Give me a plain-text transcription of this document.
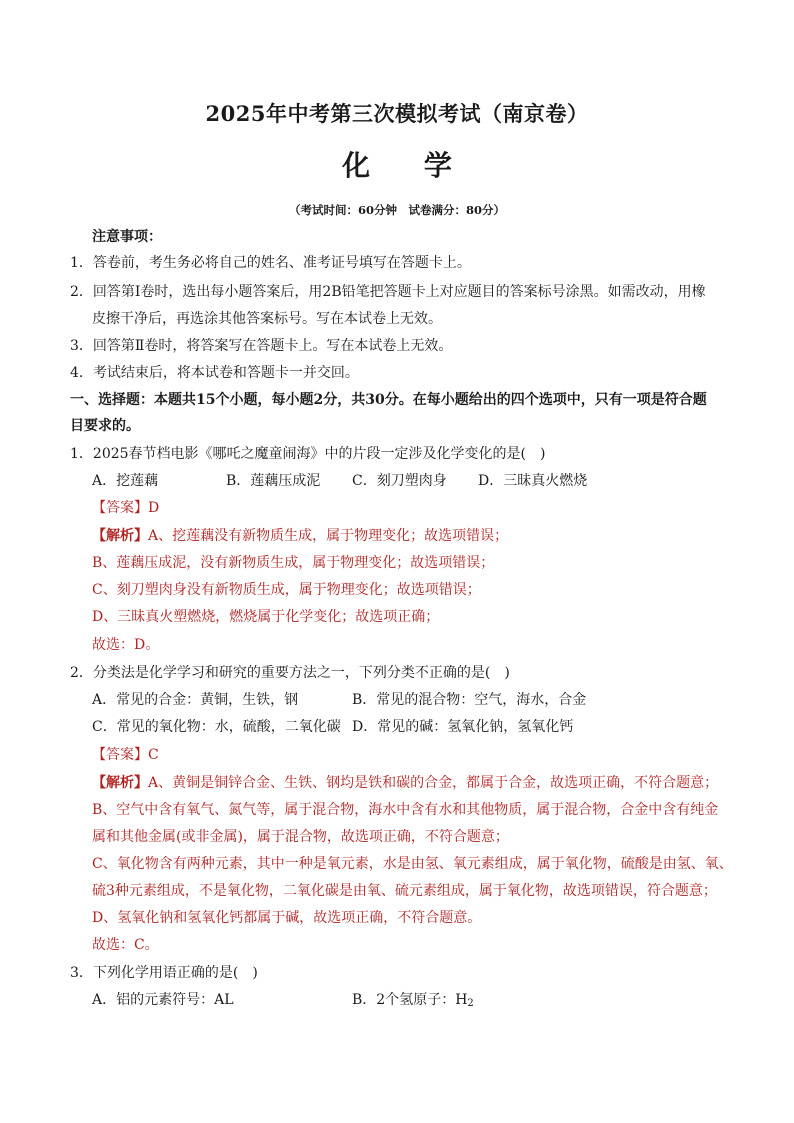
2025年中考第三次模拟考试（南京卷）
化 学
（考试时间：60分钟　试卷满分：80分）
注意事项：
1．答卷前，考生务必将自己的姓名、准考证号填写在答题卡上。
2．回答第Ⅰ卷时，选出每小题答案后，用2B铅笔把答题卡上对应题目的答案标号涂黑。如需改动，用橡
皮擦干净后，再选涂其他答案标号。写在本试卷上无效。
3．回答第Ⅱ卷时，将答案写在答题卡上。写在本试卷上无效。
4．考试结束后，将本试卷和答题卡一并交回。
一、选择题：本题共15个小题，每小题2分，共30分。在每小题给出的四个选项中，只有一项是符合题
目要求的。
1．2025春节档电影《哪吒之魔童闹海》中的片段一定涉及化学变化的是(　)
A．挖莲藕	B．莲藕压成泥 C．刻刀塑肉身 D．三昧真火燃烧
【答案】D
【解析】A、挖莲藕没有新物质生成，属于物理变化；故选项错误；
B、莲藕压成泥，没有新物质生成，属于物理变化；故选项错误；
C、刻刀塑肉身没有新物质生成，属于物理变化；故选项错误；
D、三昧真火塑燃烧，燃烧属于化学变化；故选项正确；
故选：D。
2．分类法是化学学习和研究的重要方法之一，下列分类不正确的是(　)
A．常见的合金：黄铜，生铁，钢	B．常见的混合物：空气，海水，合金
C．常见的氧化物：水，硫酸，二氧化碳 D．常见的碱：氢氧化钠，氢氧化钙
【答案】C
【解析】A、黄铜是铜锌合金、生铁、钢均是铁和碳的合金，都属于合金，故选项正确，不符合题意；
B、空气中含有氧气、氮气等，属于混合物，海水中含有水和其他物质，属于混合物，合金中含有纯金
属和其他金属(或非金属)，属于混合物，故选项正确，不符合题意；
C、氧化物含有两种元素，其中一种是氧元素，水是由氢、氧元素组成，属于氧化物，硫酸是由氢、氧、
硫3种元素组成，不是氧化物，二氧化碳是由氧、硫元素组成，属于氧化物，故选项错误，符合题意；
D、氢氧化钠和氢氧化钙都属于碱，故选项正确，不符合题意。
故选：C。
3．下列化学用语正确的是(　)
A．铝的元素符号：AL	B．2个氢原子：$H_2$
